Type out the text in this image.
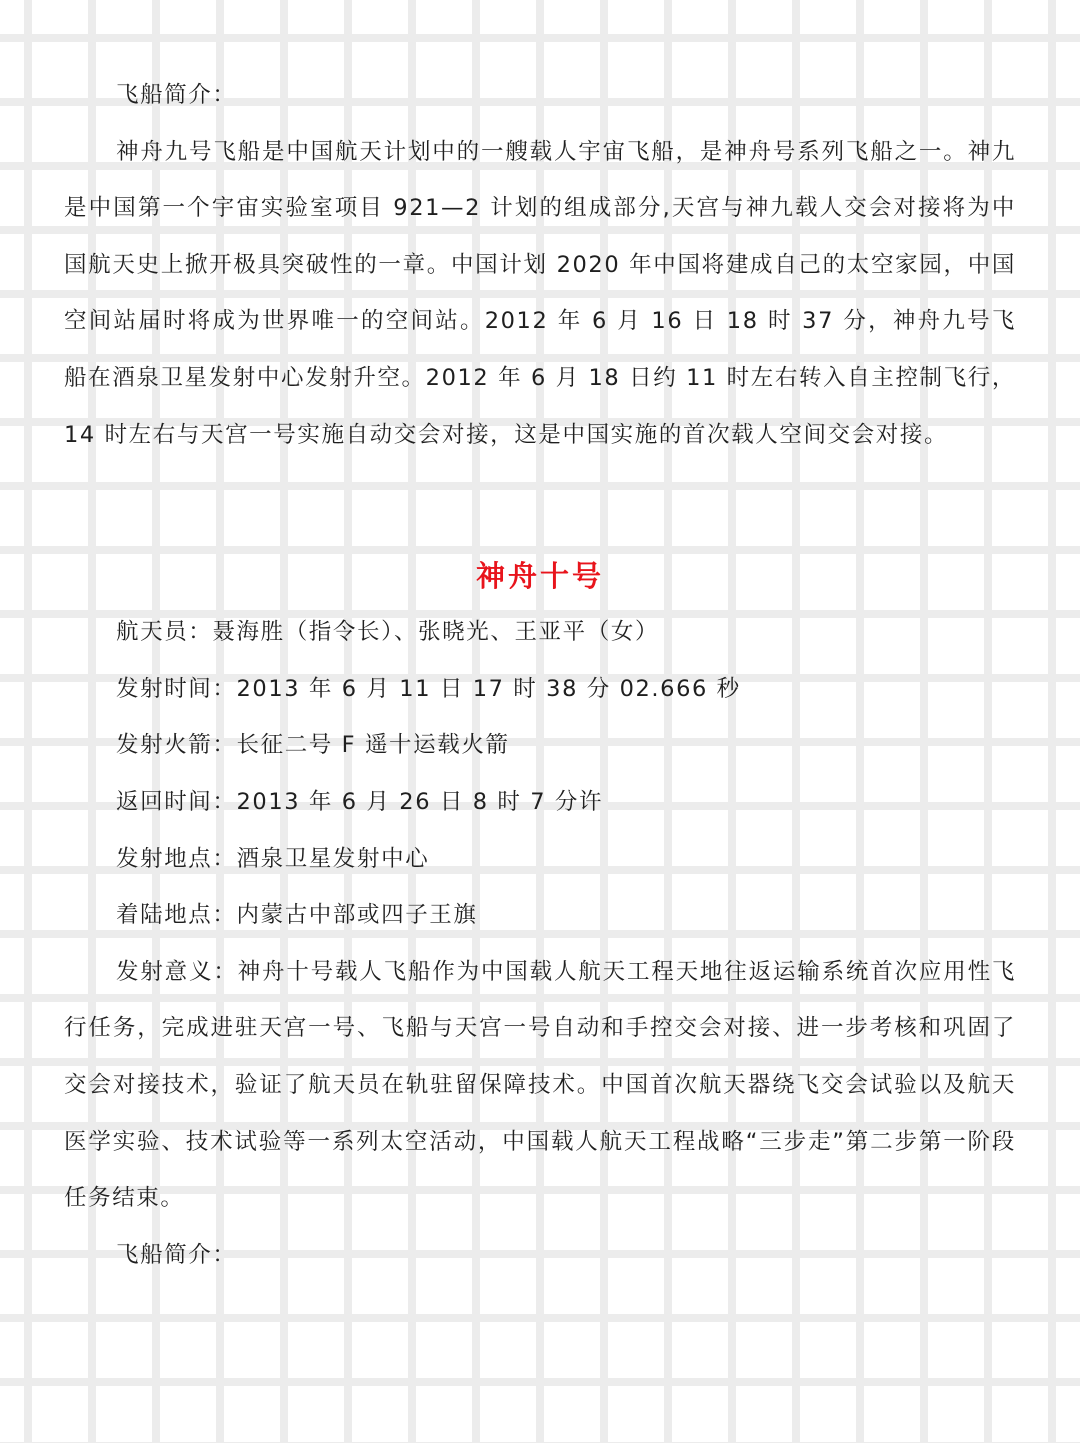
飞船简介：

神舟九号飞船是中国航天计划中的一艘载人宇宙飞船，是神舟号系列飞船之一。神九是中国第一个宇宙实验室项目 921—2 计划的组成部分,天宫与神九载人交会对接将为中国航天史上掀开极具突破性的一章。中国计划 2020 年中国将建成自己的太空家园，中国空间站届时将成为世界唯一的空间站。2012 年 6 月 16 日 18 时 37 分，神舟九号飞船在酒泉卫星发射中心发射升空。2012 年 6 月 18 日约 11 时左右转入自主控制飞行，14 时左右与天宫一号实施自动交会对接，这是中国实施的首次载人空间交会对接。

神舟十号

航天员：聂海胜（指令长）、张晓光、王亚平（女）

发射时间：2013 年 6 月 11 日 17 时 38 分 02.666 秒

发射火箭：长征二号 F 遥十运载火箭

返回时间：2013 年 6 月 26 日 8 时 7 分许

发射地点：酒泉卫星发射中心

着陆地点：内蒙古中部或四子王旗

发射意义：神舟十号载人飞船作为中国载人航天工程天地往返运输系统首次应用性飞行任务，完成进驻天宫一号、飞船与天宫一号自动和手控交会对接、进一步考核和巩固了交会对接技术，验证了航天员在轨驻留保障技术。中国首次航天器绕飞交会试验以及航天医学实验、技术试验等一系列太空活动，中国载人航天工程战略“三步走”第二步第一阶段任务结束。

飞船简介：
